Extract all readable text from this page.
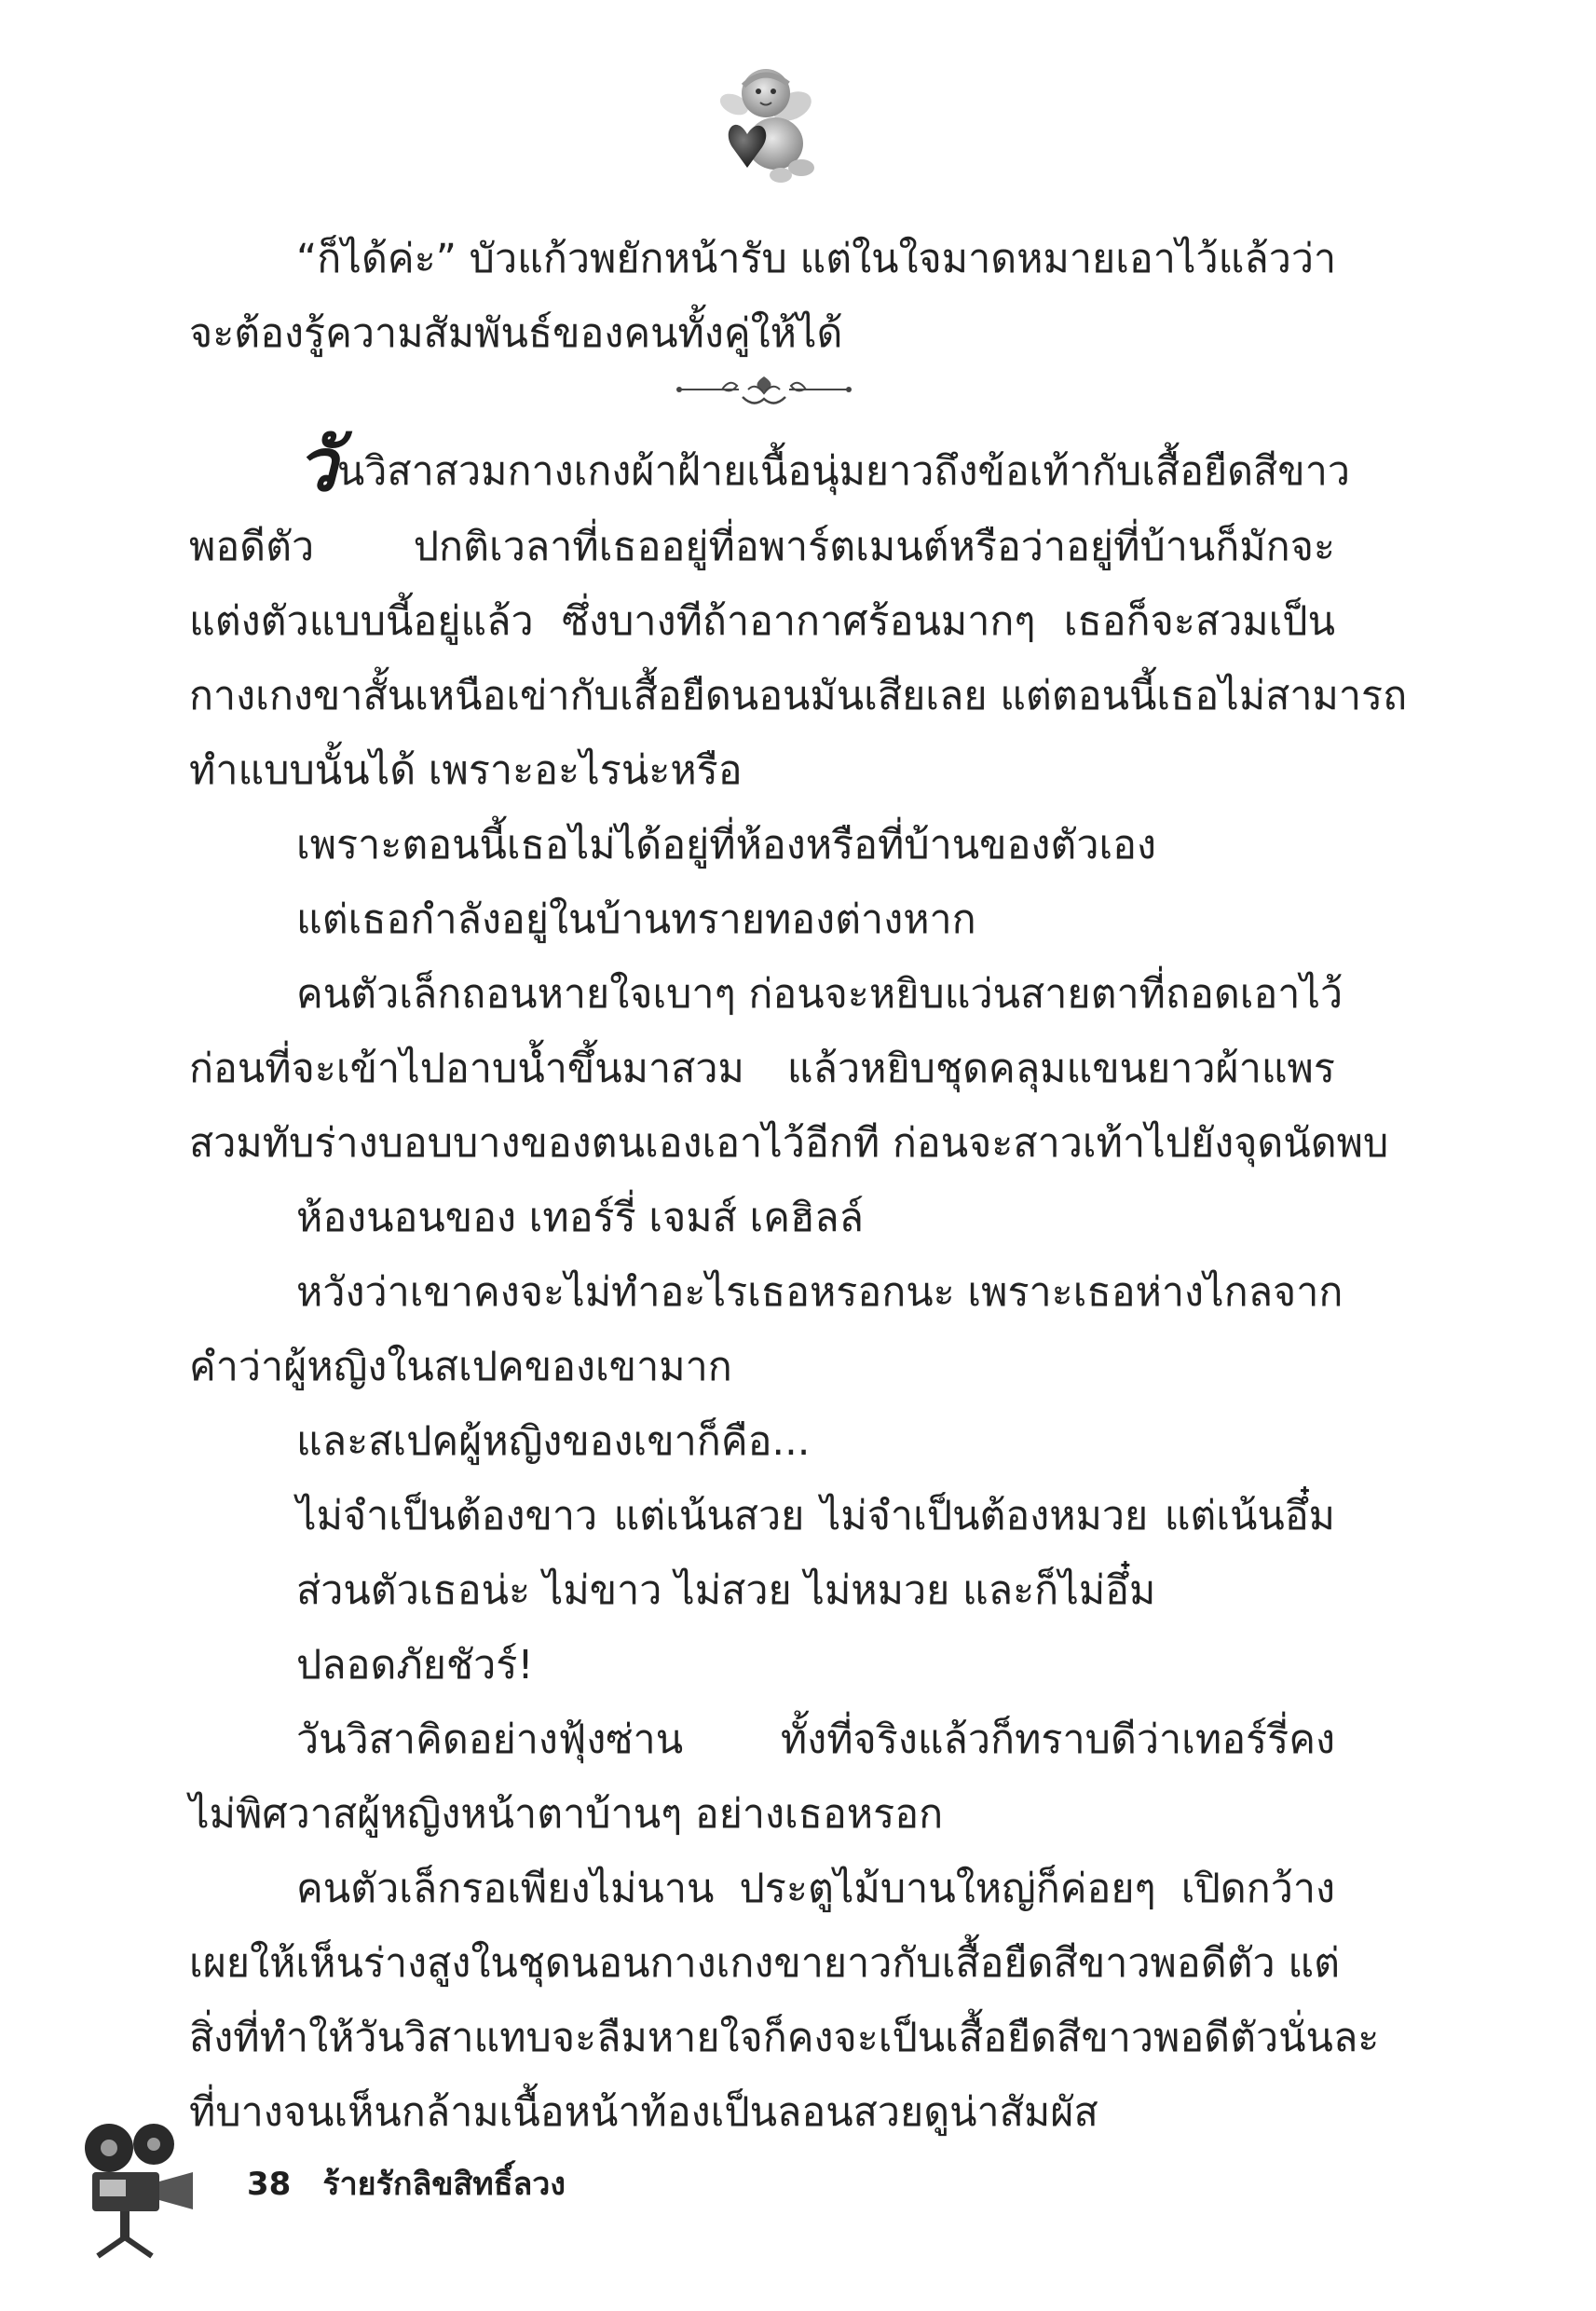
“ก็ได้ค่ะ” บัวแก้วพยักหน้ารับ แต่ในใจมาดหมายเอาไว้แล้วว่า
จะต้องรู้ความสัมพันธ์ของคนทั้งคู่ให้ได้
วันวิสาสวมกางเกงผ้าฝ้ายเนื้อนุ่มยาวถึงข้อเท้ากับเสื้อยืดสีขาว
พอดีตัว ปกติเวลาที่เธออยู่ที่อพาร์ตเมนต์หรือว่าอยู่ที่บ้านก็มักจะ
แต่งตัวแบบนี้อยู่แล้ว ซึ่งบางทีถ้าอากาศร้อนมากๆ เธอก็จะสวมเป็น
กางเกงขาสั้นเหนือเข่ากับเสื้อยืดนอนมันเสียเลย แต่ตอนนี้เธอไม่สามารถ
ทำแบบนั้นได้ เพราะอะไรน่ะหรือ
เพราะตอนนี้เธอไม่ได้อยู่ที่ห้องหรือที่บ้านของตัวเอง
แต่เธอกำลังอยู่ในบ้านทรายทองต่างหาก
คนตัวเล็กถอนหายใจเบาๆ ก่อนจะหยิบแว่นสายตาที่ถอดเอาไว้
ก่อนที่จะเข้าไปอาบน้ำขึ้นมาสวม แล้วหยิบชุดคลุมแขนยาวผ้าแพร
สวมทับร่างบอบบางของตนเองเอาไว้อีกที ก่อนจะสาวเท้าไปยังจุดนัดพบ
ห้องนอนของ เทอร์รี่ เจมส์ เคฮิลล์
หวังว่าเขาคงจะไม่ทำอะไรเธอหรอกนะ เพราะเธอห่างไกลจาก
คำว่าผู้หญิงในสเปคของเขามาก
และสเปคผู้หญิงของเขาก็คือ...
ไม่จำเป็นต้องขาว แต่เน้นสวย ไม่จำเป็นต้องหมวย แต่เน้นอึ๋ม
ส่วนตัวเธอน่ะ ไม่ขาว ไม่สวย ไม่หมวย และก็ไม่อึ๋ม
ปลอดภัยชัวร์!
วันวิสาคิดอย่างฟุ้งซ่าน ทั้งที่จริงแล้วก็ทราบดีว่าเทอร์รี่คง
ไม่พิศวาสผู้หญิงหน้าตาบ้านๆ อย่างเธอหรอก
คนตัวเล็กรอเพียงไม่นาน ประตูไม้บานใหญ่ก็ค่อยๆ เปิดกว้าง
เผยให้เห็นร่างสูงในชุดนอนกางเกงขายาวกับเสื้อยืดสีขาวพอดีตัว แต่
สิ่งที่ทำให้วันวิสาแทบจะลืมหายใจก็คงจะเป็นเสื้อยืดสีขาวพอดีตัวนั่นละ
ที่บางจนเห็นกล้ามเนื้อหน้าท้องเป็นลอนสวยดูน่าสัมผัส
38 ร้ายรักลิขสิทธิ์ลวง
